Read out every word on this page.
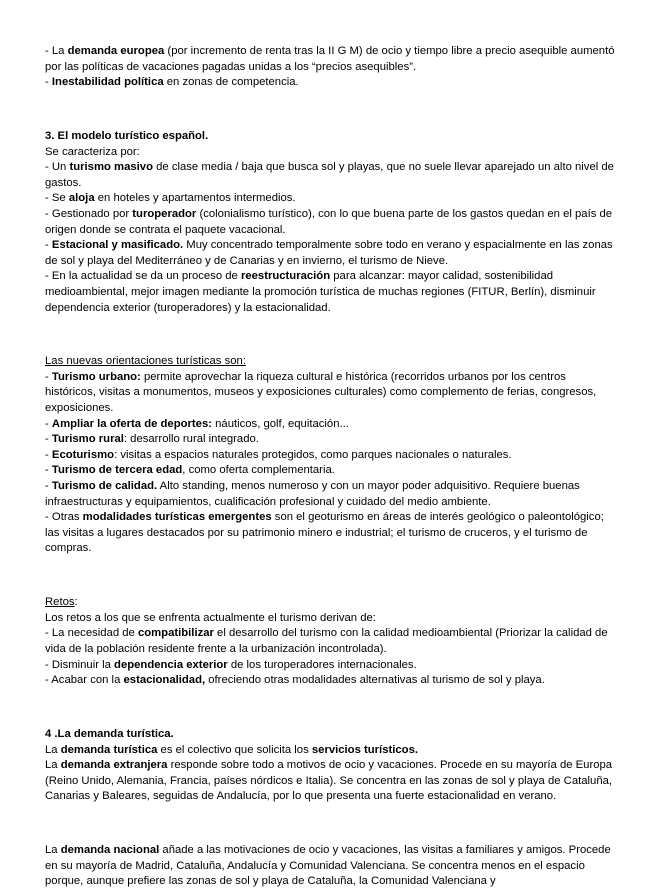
- La demanda europea (por incremento de renta tras la II G M) de ocio y tiempo libre a precio asequible aumentó por las políticas de vacaciones pagadas unidas a los “precios asequibles”.

- Inestabilidad política en zonas de competencia.

3. El modelo turístico español.

Se caracteriza por:

- Un turismo masivo de clase media / baja que busca sol y playas, que no suele llevar aparejado un alto nivel de gastos.

- Se aloja en hoteles y apartamentos intermedios.

- Gestionado por turoperador (colonialismo turístico), con lo que buena parte de los gastos quedan en el país de origen donde se contrata el paquete vacacional.

- Estacional y masificado. Muy concentrado temporalmente sobre todo en verano y espacialmente en las zonas de sol y playa del Mediterráneo y de Canarias y en invierno, el turismo de Nieve.

- En la actualidad se da un proceso de reestructuración para alcanzar: mayor calidad, sostenibilidad medioambiental, mejor imagen mediante la promoción turística de muchas regiones (FITUR, Berlín), disminuir dependencia exterior (turoperadores) y la estacionalidad.

Las nuevas orientaciones turísticas son:

- Turismo urbano: permite aprovechar la riqueza cultural e histórica (recorridos urbanos por los centros históricos, visitas a monumentos, museos y exposiciones culturales) como complemento de ferias, congresos, exposiciones.

- Ampliar la oferta de deportes: náuticos, golf, equitación...

- Turismo rural: desarrollo rural integrado.

- Ecoturismo: visitas a espacios naturales protegidos, como parques nacionales o naturales.

- Turismo de tercera edad, como oferta complementaria.

- Turismo de calidad. Alto standing, menos numeroso y con un mayor poder adquisitivo. Requiere buenas infraestructuras y equipamientos, cualificación profesional y cuidado del medio ambiente.

- Otras modalidades turísticas emergentes son el geoturismo en áreas de interés geológico o paleontológico; las visitas a lugares destacados por su patrimonio minero e industrial; el turismo de cruceros, y el turismo de compras.

Retos:

Los retos a los que se enfrenta actualmente el turismo derivan de:

- La necesidad de compatibilizar el desarrollo del turismo con la calidad medioambiental (Priorizar la calidad de vida de la población residente frente a la urbanización incontrolada).

- Disminuir la dependencia exterior de los turoperadores internacionales.

- Acabar con la estacionalidad, ofreciendo otras modalidades alternativas al turismo de sol y playa.

4 .La demanda turística.

La demanda turística es el colectivo que solicita los servicios turísticos.

La demanda extranjera responde sobre todo a motivos de ocio y vacaciones. Procede en su mayoría de Europa (Reino Unido, Alemania, Francia, países nórdicos e Italia). Se concentra en las zonas de sol y playa de Cataluña, Canarias y Baleares, seguidas de Andalucía, por lo que presenta una fuerte estacionalidad en verano.

La demanda nacional añade a las motivaciones de ocio y vacaciones, las visitas a familiares y amigos. Procede en su mayoría de Madrid, Cataluña, Andalucía y Comunidad Valenciana. Se concentra menos en el espacio porque, aunque prefiere las zonas de sol y playa de Cataluña, la Comunidad Valenciana y
